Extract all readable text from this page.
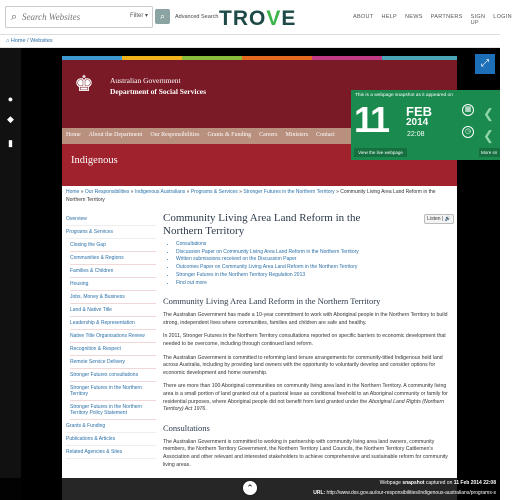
⌕
Search Websites	Filter ▾	⌕	Advanced Search TROVE	ABOUT HELP NEWS PARTNERS SIGN UP
LOGIN
⌂ Home / Websites
●
◆
▮
♚	Australian Government
Department of Social Services
Home	About the Department	Our Responsibilities	Grants & Funding	Careers	Ministers	Contact
Indigenous
Home » Our Responsibilities » Indigenous Australians » Programs & Services » Stronger Futures in the Northern Territory » Community Living Area Land Reform in the Northern Territory
Overview
Programs & Services
Closing the Gap
Communities & Regions
Families & Children
Housing
Jobs, Money & Business
Land & Native Title
Leadership & Representation
Native Title Organisations Review
Recognition & Respect
Remote Service Delivery
Stronger Futures consultations
Stronger Futures in the Northern Territory
Stronger Futures in the Northern Territory Policy Statement
Grants & Funding
Publications & Articles
Related Agencies & Sites
Community Living Area Land Reform in the Northern Territory
Listen | 🔊
• Consultations
• Discussion Paper on Community Living Area Land Reform in the Northern Territory
• Written submissions received on the Discussion Paper
• Outcomes Paper on Community Living Area Land Reform in the Northern Territory
• Stronger Futures in the Northern Territory Regulation 2013
• Find out more
Community Living Area Land Reform in the Northern Territory
The Australian Government has made a 10-year commitment to work with Aboriginal people in the Northern Territory to build strong, independent lives where communities, families and children are safe and healthy.
In 2011, Stronger Futures in the Northern Territory consultations reported on specific barriers to economic development that needed to be overcome, including through continued land reform.
The Australian Government is committed to reforming land tenure arrangements for community-titled Indigenous held land across Australia, including by providing land owners with the opportunity to voluntarily develop and consider options for economic development and home ownership.
There are more than 100 Aboriginal communities on community living area land in the Northern Territory. A community living area is a small portion of land granted out of a pastoral lease as conditional freehold to an Aboriginal community or family for residential purposes, where Aboriginal people did not benefit from land granted under the Aboriginal Land Rights (Northern Territory) Act 1976.
Consultations
The Australian Government is committed to working in partnership with community living area land owners, community members, the Northern Territory Government, the Northern Territory Land Councils, the Northern Territory Cattlemen's Association and other relevant and interested stakeholders to achieve comprehensive and sustainable reform for community living areas.
This is a webpage snapshot as it appeared on
11 FEB
2014
22:08
▦
◷
❮
❮
View the live webpage	More sn
⤢
Webpage snapshot captured on 11 Feb 2014 22:08
URL: http://www.dss.gov.au/our-responsibilities/indigenous-australians/programs-s
⌃
